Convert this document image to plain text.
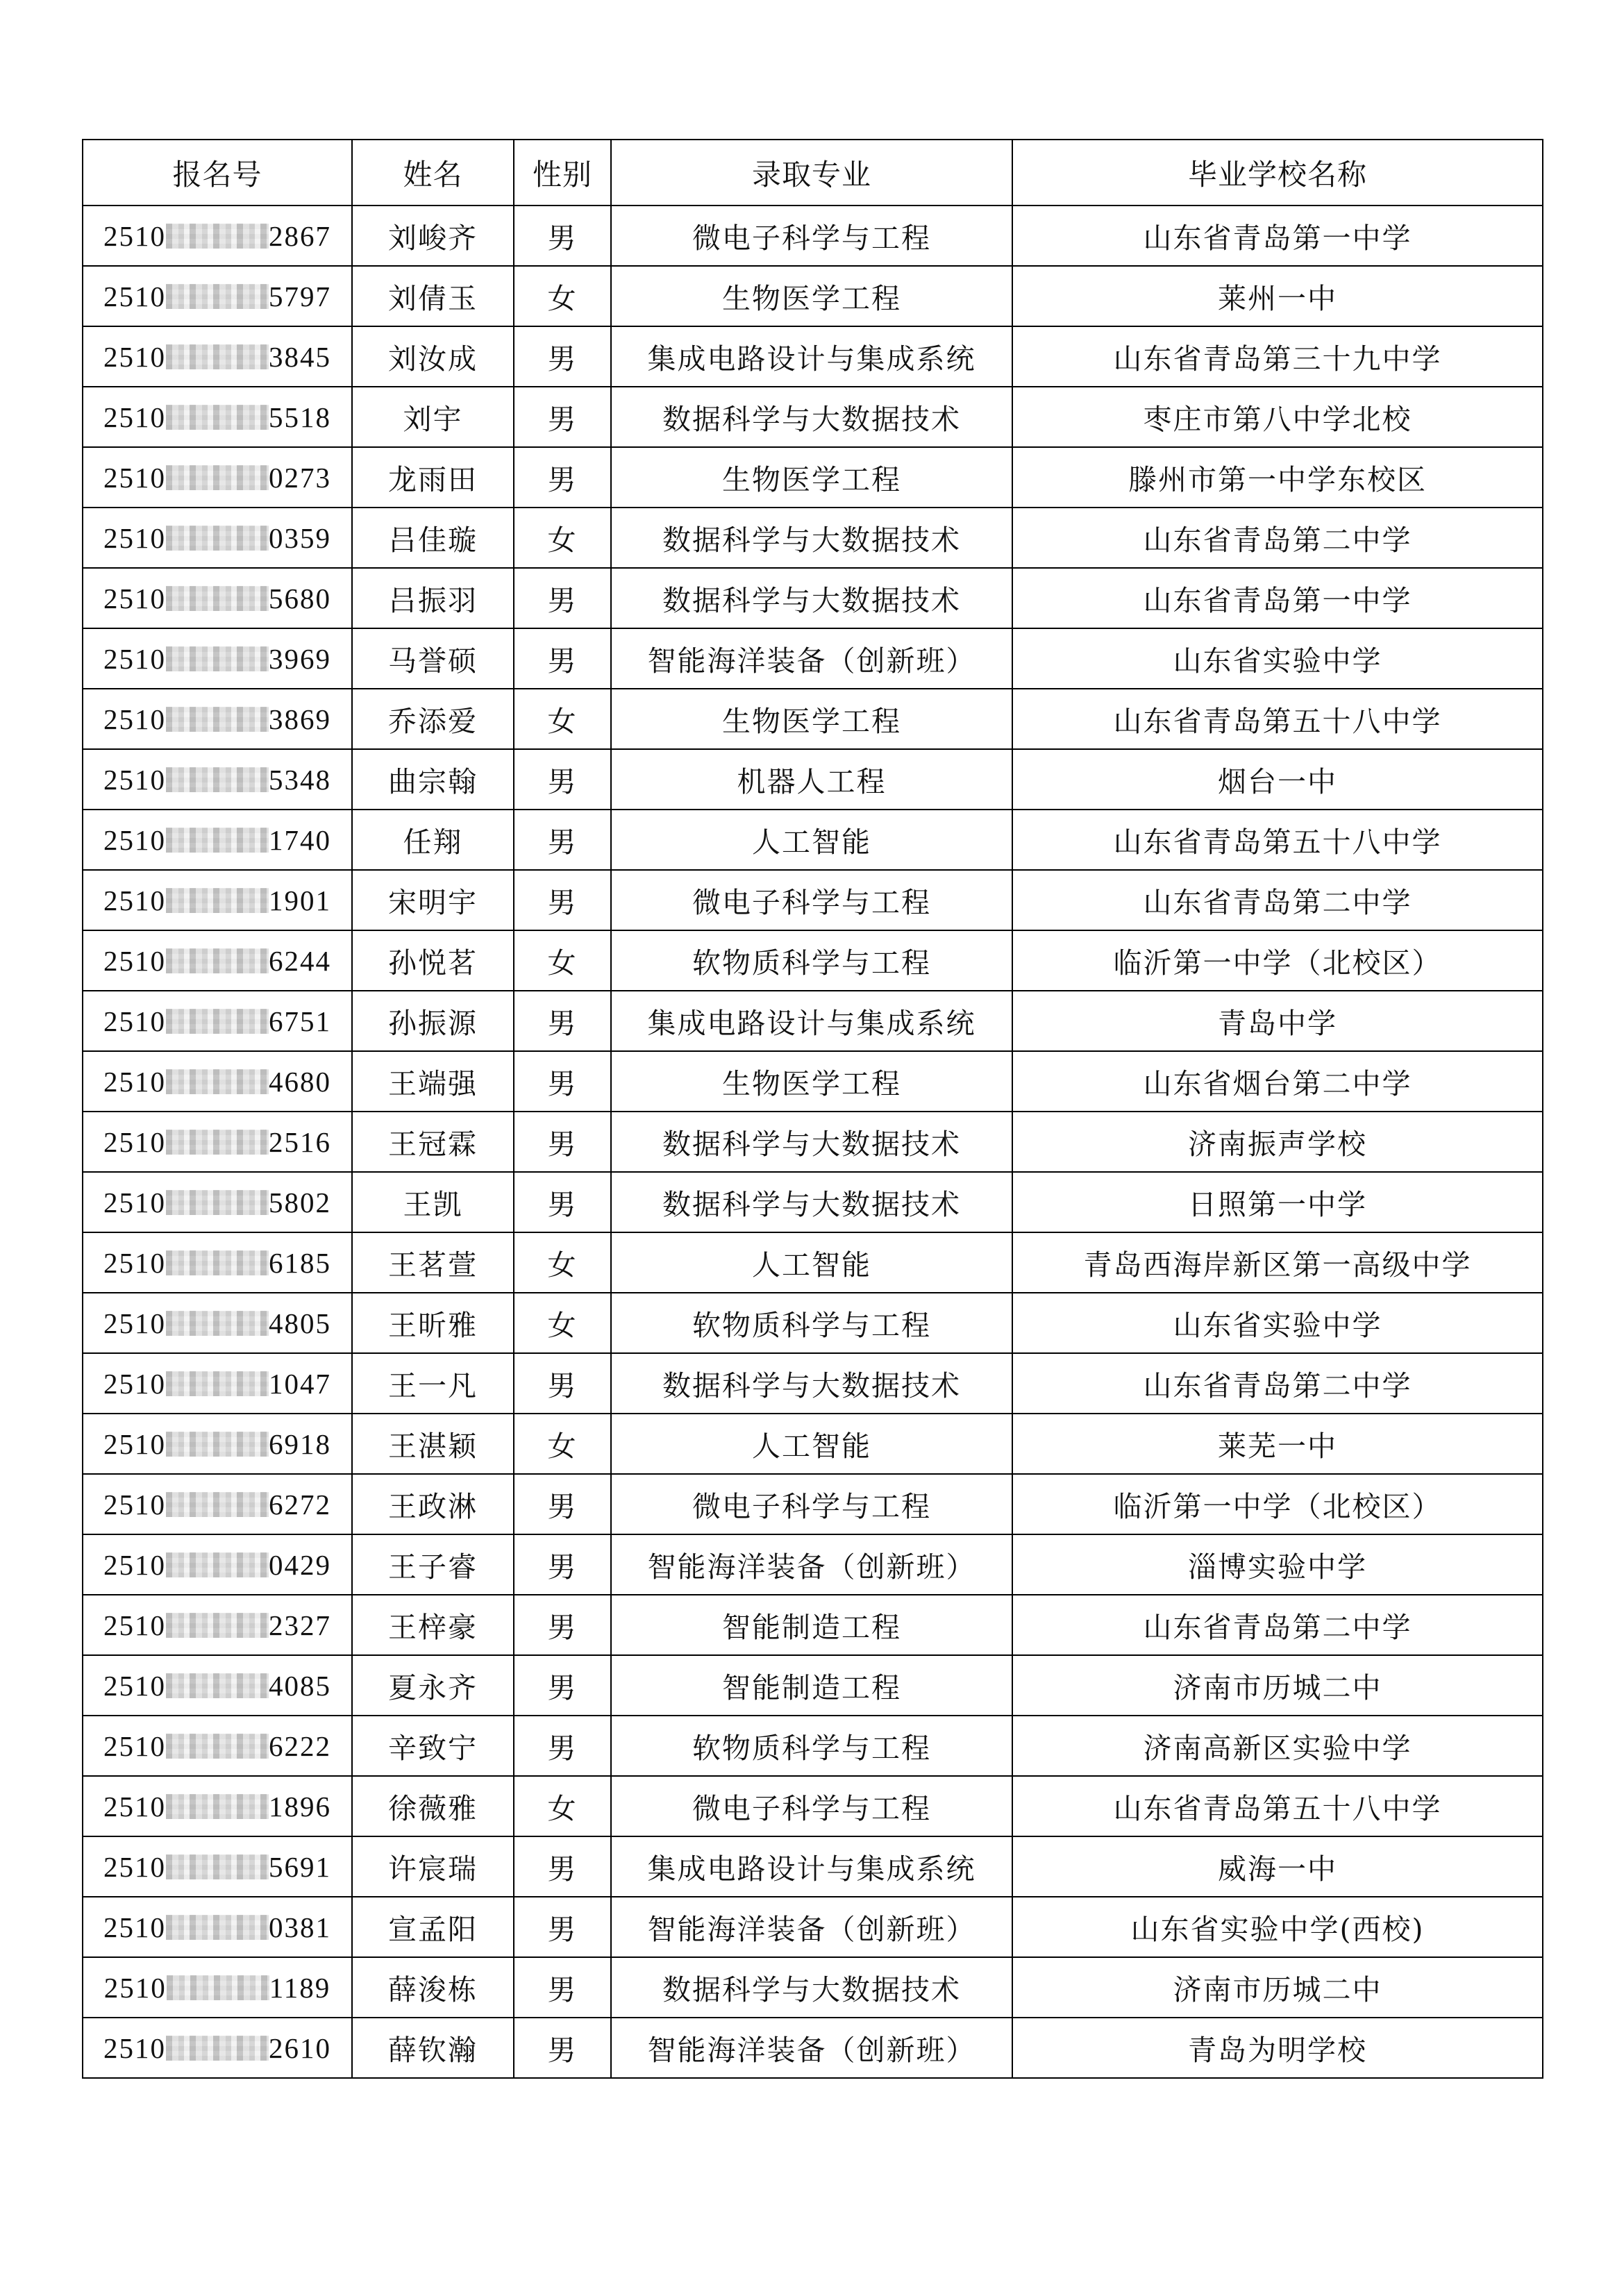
报名号	姓名	性别	录取专业	毕业学校名称
2510 2867	刘峻齐	男	微电子科学与工程	山东省青岛第一中学
2510 5797	刘倩玉	女	生物医学工程	莱州一中
2510 3845	刘汝成	男	集成电路设计与集成系统	山东省青岛第三十九中学
2510 5518	刘宇	男	数据科学与大数据技术	枣庄市第八中学北校
2510 0273	龙雨田	男	生物医学工程	滕州市第一中学东校区
2510 0359	吕佳璇	女	数据科学与大数据技术	山东省青岛第二中学
2510 5680	吕振羽	男	数据科学与大数据技术	山东省青岛第一中学
2510 3969	马誉硕	男	智能海洋装备（创新班）	山东省实验中学
2510 3869	乔添爱	女	生物医学工程	山东省青岛第五十八中学
2510 5348	曲宗翰	男	机器人工程	烟台一中
2510 1740	任翔	男	人工智能	山东省青岛第五十八中学
2510 1901	宋明宇	男	微电子科学与工程	山东省青岛第二中学
2510 6244	孙悦茗	女	软物质科学与工程	临沂第一中学（北校区）
2510 6751	孙振源	男	集成电路设计与集成系统	青岛中学
2510 4680	王端强	男	生物医学工程	山东省烟台第二中学
2510 2516	王冠霖	男	数据科学与大数据技术	济南振声学校
2510 5802	王凯	男	数据科学与大数据技术	日照第一中学
2510 6185	王茗萱	女	人工智能	青岛西海岸新区第一高级中学
2510 4805	王昕雅	女	软物质科学与工程	山东省实验中学
2510 1047	王一凡	男	数据科学与大数据技术	山东省青岛第二中学
2510 6918	王湛颖	女	人工智能	莱芜一中
2510 6272	王政淋	男	微电子科学与工程	临沂第一中学（北校区）
2510 0429	王子睿	男	智能海洋装备（创新班）	淄博实验中学
2510 2327	王梓豪	男	智能制造工程	山东省青岛第二中学
2510 4085	夏永齐	男	智能制造工程	济南市历城二中
2510 6222	辛致宁	男	软物质科学与工程	济南高新区实验中学
2510 1896	徐薇雅	女	微电子科学与工程	山东省青岛第五十八中学
2510 5691	许宸瑞	男	集成电路设计与集成系统	威海一中
2510 0381	宣孟阳	男	智能海洋装备（创新班）	山东省实验中学(西校)
2510 1189	薛浚栋	男	数据科学与大数据技术	济南市历城二中
2510 2610	薛钦瀚	男	智能海洋装备（创新班）	青岛为明学校
